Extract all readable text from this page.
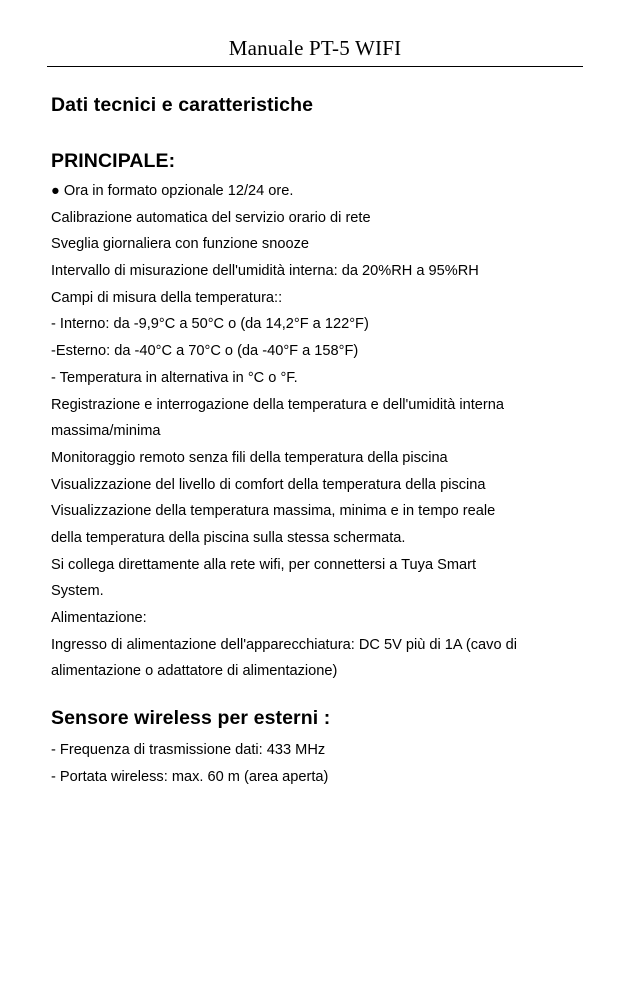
Manuale PT-5 WIFI
Dati tecnici e caratteristiche
PRINCIPALE:
● Ora in formato opzionale 12/24 ore.
Calibrazione automatica del servizio orario di rete
Sveglia giornaliera con funzione snooze
Intervallo di misurazione dell'umidità interna: da 20%RH a 95%RH
Campi di misura della temperatura::
- Interno: da -9,9°C a 50°C o (da 14,2°F a 122°F)
-Esterno: da -40°C a 70°C o (da -40°F a 158°F)
- Temperatura in alternativa in °C o °F.
Registrazione e interrogazione della temperatura e dell'umidità interna
massima/minima
Monitoraggio remoto senza fili della temperatura della piscina
Visualizzazione del livello di comfort della temperatura della piscina
Visualizzazione della temperatura massima, minima e in tempo reale
della temperatura della piscina sulla stessa schermata.
Si collega direttamente alla rete wifi, per connettersi a Tuya Smart
System.
Alimentazione:
Ingresso di alimentazione dell'apparecchiatura: DC 5V più di 1A (cavo di
alimentazione o adattatore di alimentazione)
Sensore wireless per esterni :
- Frequenza di trasmissione dati: 433 MHz
- Portata wireless: max. 60 m (area aperta)
